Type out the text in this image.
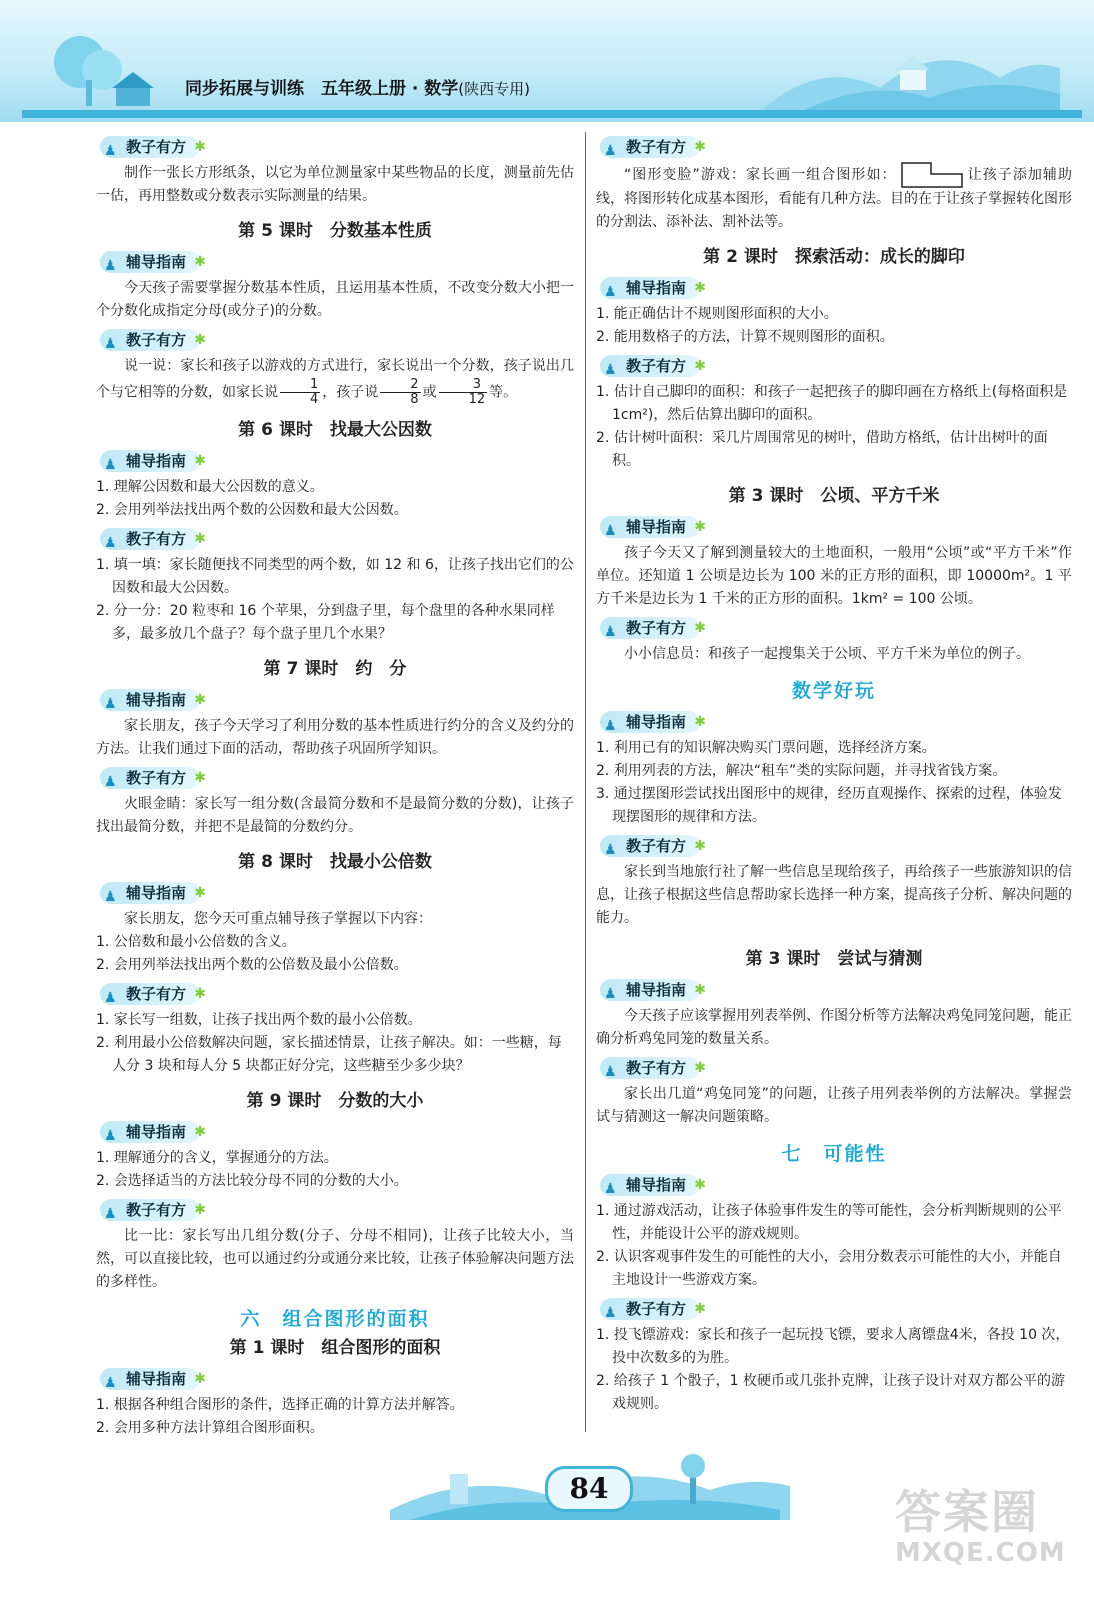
同步拓展与训练　五年级上册 · 数学(陕西专用)
♟ 教子有方 ✱

制作一张长方形纸条，以它为单位测量家中某些物品的长度，测量前先估一估，再用整数或分数表示实际测量的结果。

第 5 课时　分数基本性质
♟ 辅导指南 ✱

今天孩子需要掌握分数基本性质，且运用基本性质，不改变分数大小把一个分数化成指定分母(或分子)的分数。

♟ 教子有方 ✱

说一说：家长和孩子以游戏的方式进行，家长说出一个分数，孩子说出几个与它相等的分数，如家长说 $\frac{1}{4}$ ，孩子说 $\frac{2}{8}$ 或 $\frac{3}{12}$ 等。

第 6 课时　找最大公因数
♟ 辅导指南 ✱
1. 理解公因数和最大公因数的意义。
2. 会用列举法找出两个数的公因数和最大公因数。
♟ 教子有方 ✱
1. 填一填：家长随便找不同类型的两个数，如 12 和 6，让孩子找出它们的公因数和最大公因数。
2. 分一分：20 粒枣和 16 个苹果，分到盘子里，每个盘里的各种水果同样多，最多放几个盘子？每个盘子里几个水果？
第 7 课时　约　分
♟ 辅导指南 ✱

家长朋友，孩子今天学习了利用分数的基本性质进行约分的含义及约分的方法。让我们通过下面的活动，帮助孩子巩固所学知识。

♟ 教子有方 ✱

火眼金睛：家长写一组分数(含最简分数和不是最简分数的分数)，让孩子找出最简分数，并把不是最简的分数约分。

第 8 课时　找最小公倍数
♟ 辅导指南 ✱

家长朋友，您今天可重点辅导孩子掌握以下内容：

1. 公倍数和最小公倍数的含义。
2. 会用列举法找出两个数的公倍数及最小公倍数。
♟ 教子有方 ✱
1. 家长写一组数，让孩子找出两个数的最小公倍数。
2. 利用最小公倍数解决问题，家长描述情景，让孩子解决。如：一些糖，每人分 3 块和每人分 5 块都正好分完，这些糖至少多少块？
第 9 课时　分数的大小
♟ 辅导指南 ✱
1. 理解通分的含义，掌握通分的方法。
2. 会选择适当的方法比较分母不同的分数的大小。
♟ 教子有方 ✱

比一比：家长写出几组分数(分子、分母不相同)，让孩子比较大小，当然，可以直接比较，也可以通过约分或通分来比较，让孩子体验解决问题方法的多样性。

六　组合图形的面积
第 1 课时　组合图形的面积
♟ 辅导指南 ✱
1. 根据各种组合图形的条件，选择正确的计算方法并解答。
2. 会用多种方法计算组合图形面积。
♟ 教子有方 ✱

“图形变脸”游戏：家长画一组合图形如：	让孩子添加辅助线，将图形转化成基本图形，看能有几种方法。目的在于让孩子掌握转化图形的分割法、添补法、割补法等。

第 2 课时　探索活动：成长的脚印
♟ 辅导指南 ✱
1. 能正确估计不规则图形面积的大小。
2. 能用数格子的方法，计算不规则图形的面积。
♟ 教子有方 ✱
1. 估计自己脚印的面积：和孩子一起把孩子的脚印画在方格纸上(每格面积是 1cm²)，然后估算出脚印的面积。
2. 估计树叶面积：采几片周围常见的树叶，借助方格纸，估计出树叶的面积。
第 3 课时　公顷、平方千米
♟ 辅导指南 ✱

孩子今天又了解到测量较大的土地面积，一般用“公顷”或“平方千米”作单位。还知道 1 公顷是边长为 100 米的正方形的面积，即 10000m²。1 平方千米是边长为 1 千米的正方形的面积。1km² = 100 公顷。

♟ 教子有方 ✱

小小信息员：和孩子一起搜集关于公顷、平方千米为单位的例子。

数学好玩
♟ 辅导指南 ✱
1. 利用已有的知识解决购买门票问题，选择经济方案。
2. 利用列表的方法，解决“租车”类的实际问题，并寻找省钱方案。
3. 通过摆图形尝试找出图形中的规律，经历直观操作、探索的过程，体验发现摆图形的规律和方法。
♟ 教子有方 ✱

家长到当地旅行社了解一些信息呈现给孩子，再给孩子一些旅游知识的信息，让孩子根据这些信息帮助家长选择一种方案，提高孩子分析、解决问题的能力。

第 3 课时　尝试与猜测
♟ 辅导指南 ✱

今天孩子应该掌握用列表举例、作图分析等方法解决鸡兔同笼问题，能正确分析鸡兔同笼的数量关系。

♟ 教子有方 ✱

家长出几道“鸡兔同笼”的问题，让孩子用列表举例的方法解决。掌握尝试与猜测这一解决问题策略。

七　可能性
♟ 辅导指南 ✱
1. 通过游戏活动，让孩子体验事件发生的等可能性，会分析判断规则的公平性，并能设计公平的游戏规则。
2. 认识客观事件发生的可能性的大小，会用分数表示可能性的大小，并能自主地设计一些游戏方案。
♟ 教子有方 ✱
1. 投飞镖游戏：家长和孩子一起玩投飞镖，要求人离镖盘4米，各投 10 次，投中次数多的为胜。
2. 给孩子 1 个骰子，1 枚硬币或几张扑克牌，让孩子设计对双方都公平的游戏规则。
84	答案圈
MXQE.COM
